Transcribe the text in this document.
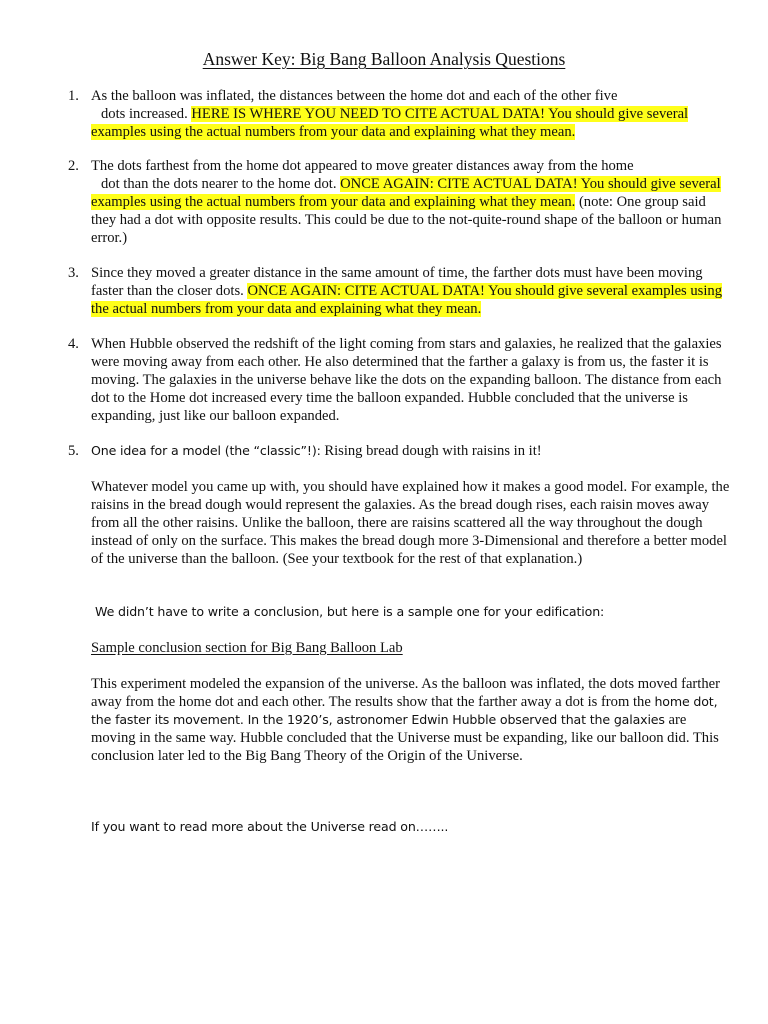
Answer Key: Big Bang Balloon Analysis Questions
1. As the balloon was inflated, the distances between the home dot and each of the other five
dots increased. HERE IS WHERE YOU NEED TO CITE ACTUAL DATA! You should give several examples using the actual numbers from your data and explaining what they mean.
2. The dots farthest from the home dot appeared to move greater distances away from the home
dot than the dots nearer to the home dot. ONCE AGAIN: CITE ACTUAL DATA! You should give several examples using the actual numbers from your data and explaining what they mean. (note: One group said they had a dot with opposite results. This could be due to the not-quite-round shape of the balloon or human error.)
3. Since they moved a greater distance in the same amount of time, the farther dots must have been moving faster than the closer dots. ONCE AGAIN: CITE ACTUAL DATA! You should give several examples using the actual numbers from your data and explaining what they mean.
4. When Hubble observed the redshift of the light coming from stars and galaxies, he realized that the galaxies were moving away from each other. He also determined that the farther a galaxy is from us, the faster it is moving. The galaxies in the universe behave like the dots on the expanding balloon. The distance from each dot to the Home dot increased every time the balloon expanded. Hubble concluded that the universe is expanding, just like our balloon expanded.
5. One idea for a model (the “classic”!): Rising bread dough with raisins in it!
Whatever model you came up with, you should have explained how it makes a good model. For example, the raisins in the bread dough would represent the galaxies. As the bread dough rises, each raisin moves away from all the other raisins. Unlike the balloon, there are raisins scattered all the way throughout the dough instead of only on the surface. This makes the bread dough more 3-Dimensional and therefore a better model of the universe than the balloon. (See your textbook for the rest of that explanation.)
We didn’t have to write a conclusion, but here is a sample one for your edification:
Sample conclusion section for Big Bang Balloon Lab
This experiment modeled the expansion of the universe. As the balloon was inflated, the dots moved farther away from the home dot and each other. The results show that the farther away a dot is from the home dot, the faster its movement. In the 1920’s, astronomer Edwin Hubble observed that the galaxies are moving in the same way. Hubble concluded that the Universe must be expanding, like our balloon did. This conclusion later led to the Big Bang Theory of the Origin of the Universe.
If you want to read more about the Universe read on……..
